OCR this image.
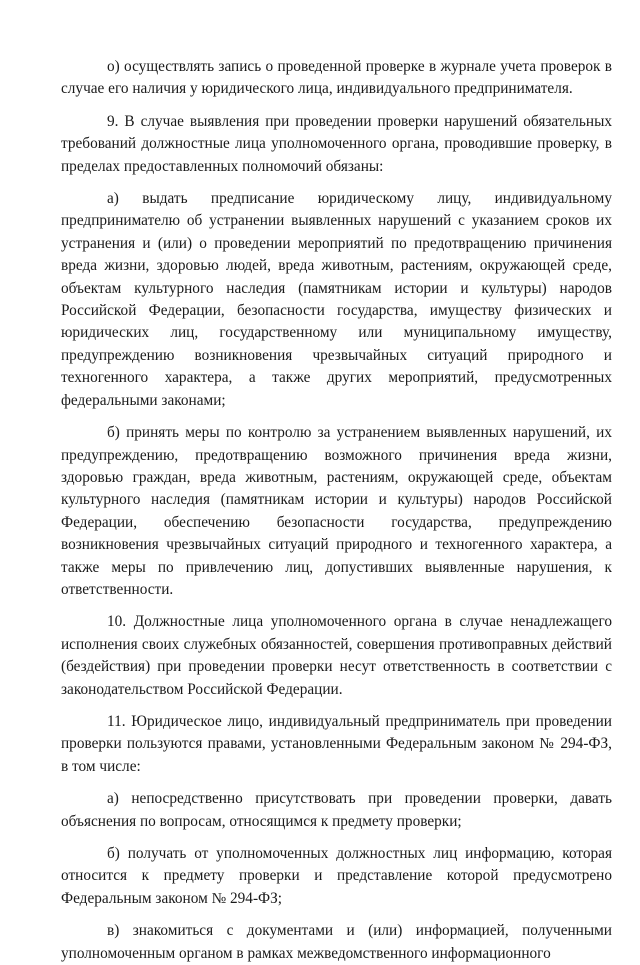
о) осуществлять запись о проведенной проверке в журнале учета проверок в случае его наличия у юридического лица, индивидуального предпринимателя.

9. В случае выявления при проведении проверки нарушений обязательных требований должностные лица уполномоченного органа, проводившие проверку, в пределах предоставленных полномочий обязаны:

а) выдать предписание юридическому лицу, индивидуальному предпринимателю об устранении выявленных нарушений с указанием сроков их устранения и (или) о проведении мероприятий по предотвращению причинения вреда жизни, здоровью людей, вреда животным, растениям, окружающей среде, объектам культурного наследия (памятникам истории и культуры) народов Российской Федерации, безопасности государства, имуществу физических и юридических лиц, государственному или муниципальному имуществу, предупреждению возникновения чрезвычайных ситуаций природного и техногенного характера, а также других мероприятий, предусмотренных федеральными законами;

б) принять меры по контролю за устранением выявленных нарушений, их предупреждению, предотвращению возможного причинения вреда жизни, здоровью граждан, вреда животным, растениям, окружающей среде, объектам культурного наследия (памятникам истории и культуры) народов Российской Федерации, обеспечению безопасности государства, предупреждению возникновения чрезвычайных ситуаций природного и техногенного характера, а также меры по привлечению лиц, допустивших выявленные нарушения, к ответственности.

10. Должностные лица уполномоченного органа в случае ненадлежащего исполнения своих служебных обязанностей, совершения противоправных действий (бездействия) при проведении проверки несут ответственность в соответствии с законодательством Российской Федерации.

11. Юридическое лицо, индивидуальный предприниматель при проведении проверки пользуются правами, установленными Федеральным законом № 294-ФЗ, в том числе:

а) непосредственно присутствовать при проведении проверки, давать объяснения по вопросам, относящимся к предмету проверки;

б) получать от уполномоченных должностных лиц информацию, которая относится к предмету проверки и представление которой предусмотрено Федеральным законом № 294-ФЗ;

в) знакомиться с документами и (или) информацией, полученными уполномоченным органом в рамках межведомственного информационного
